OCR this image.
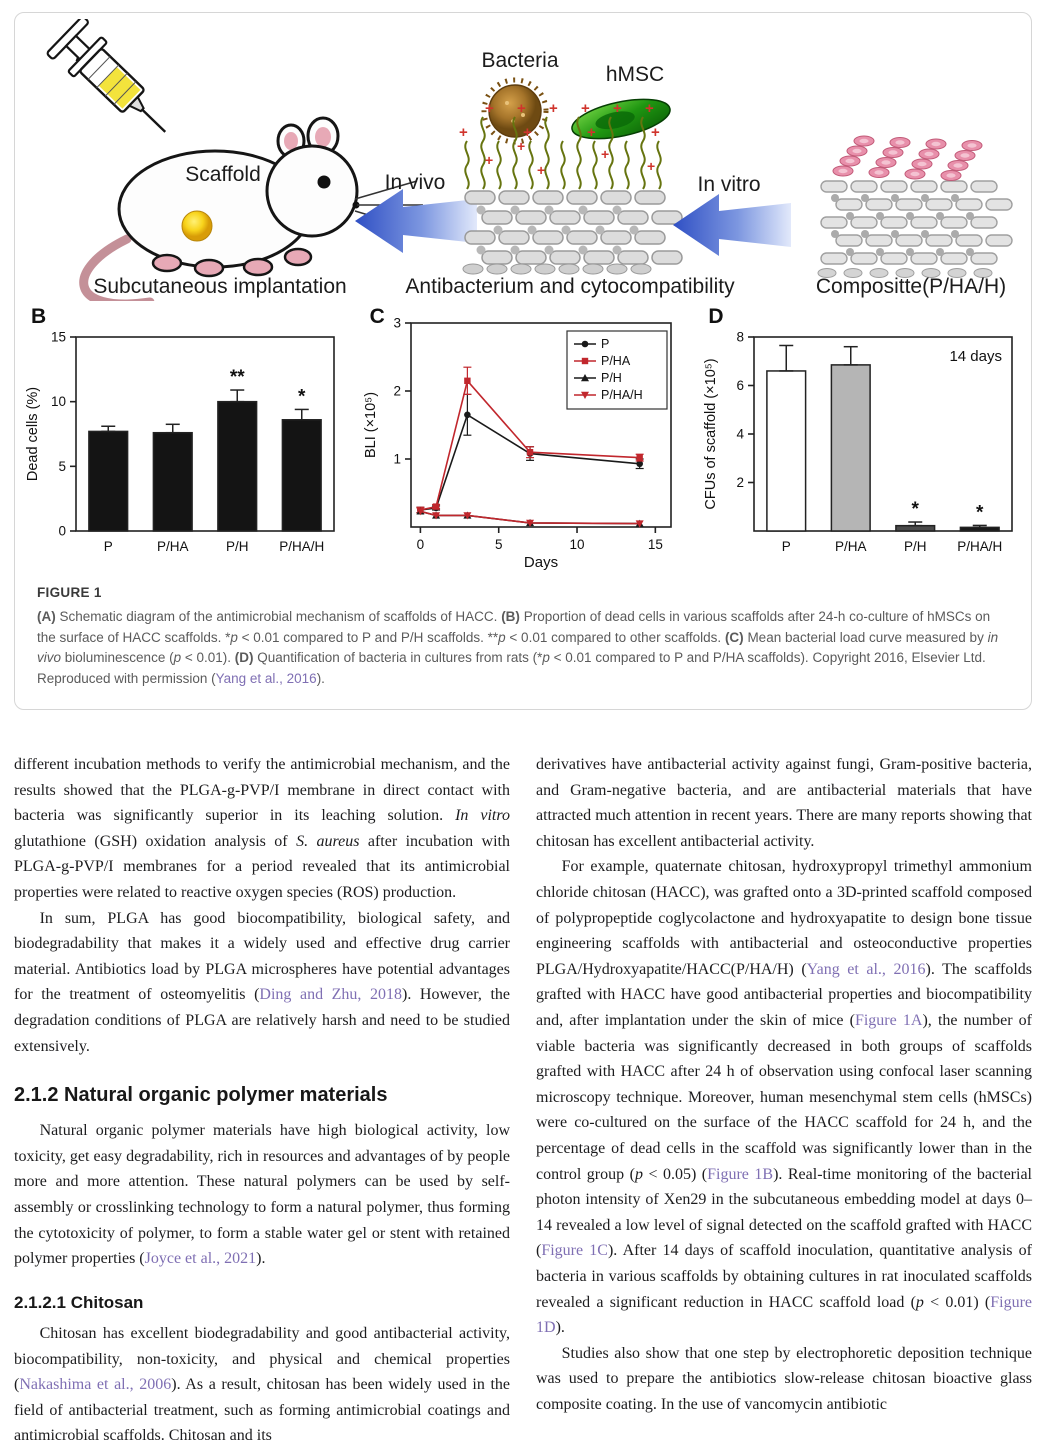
Scaffold
Subcutaneous implantation
In vivo
Bacteria
hMSC
+
+ +
+
+ +
+
+ +
+
+
+
+
+
+
Antibacterium and cytocompatibility
In vitro
Compositte(P/HA/H)
B
0
5
10
15
P	P/HA
**
P/H
*
P/HA/H
Dead cells (%)
C
0	5	10	15
1
2
3
P
P/HA
P/H
P/HA/H
Days
BLI (×10⁵)
D
2
4
6
8
P	P/HA
*
P/H
*
P/HA/H
14 days
CFUs of scaffold (×10⁵)
FIGURE 1

(A) Schematic diagram of the antimicrobial mechanism of scaffolds of HACC. (B) Proportion of dead cells in various scaffolds after 24-h co-culture of hMSCs on the surface of HACC scaffolds. *p < 0.01 compared to P and P/H scaffolds. **p < 0.01 compared to other scaffolds. (C) Mean bacterial load curve measured by in vivo bioluminescence (p < 0.01). (D) Quantification of bacteria in cultures from rats (*p < 0.01 compared to P and P/HA scaffolds). Copyright 2016, Elsevier Ltd. Reproduced with permission (Yang et al., 2016).

different incubation methods to verify the antimicrobial mechanism, and the results showed that the PLGA-g-PVP/I membrane in direct contact with bacteria was significantly superior in its leaching solution. In vitro glutathione (GSH) oxidation analysis of S. aureus after incubation with PLGA-g-PVP/I membranes for a period revealed that its antimicrobial properties were related to reactive oxygen species (ROS) production.

In sum, PLGA has good biocompatibility, biological safety, and biodegradability that makes it a widely used and effective drug carrier material. Antibiotics load by PLGA microspheres have potential advantages for the treatment of osteomyelitis (Ding and Zhu, 2018). However, the degradation conditions of PLGA are relatively harsh and need to be studied extensively.

2.1.2 Natural organic polymer materials

Natural organic polymer materials have high biological activity, low toxicity, get easy degradability, rich in resources and advantages of by people more and more attention. These natural polymers can be used by self-assembly or crosslinking technology to form a natural polymer, thus forming the cytotoxicity of polymer, to form a stable water gel or stent with retained polymer properties (Joyce et al., 2021).

2.1.2.1 Chitosan

Chitosan has excellent biodegradability and good antibacterial activity, biocompatibility, non-toxicity, and physical and chemical properties (Nakashima et al., 2006). As a result, chitosan has been widely used in the field of antibacterial treatment, such as forming antimicrobial coatings and antimicrobial scaffolds. Chitosan and its

derivatives have antibacterial activity against fungi, Gram-positive bacteria, and Gram-negative bacteria, and are antibacterial materials that have attracted much attention in recent years. There are many reports showing that chitosan has excellent antibacterial activity.

For example, quaternate chitosan, hydroxypropyl trimethyl ammonium chloride chitosan (HACC), was grafted onto a 3D-printed scaffold composed of polypropeptide coglycolactone and hydroxyapatite to design bone tissue engineering scaffolds with antibacterial and osteoconductive properties PLGA/Hydroxyapatite/HACC(P/HA/H) (Yang et al., 2016). The scaffolds grafted with HACC have good antibacterial properties and biocompatibility and, after implantation under the skin of mice (Figure 1A), the number of viable bacteria was significantly decreased in both groups of scaffolds grafted with HACC after 24 h of observation using confocal laser scanning microscopy technique. Moreover, human mesenchymal stem cells (hMSCs) were co-cultured on the surface of the HACC scaffold for 24 h, and the percentage of dead cells in the scaffold was significantly lower than in the control group (p < 0.05) (Figure 1B). Real-time monitoring of the bacterial photon intensity of Xen29 in the subcutaneous embedding model at days 0–14 revealed a low level of signal detected on the scaffold grafted with HACC (Figure 1C). After 14 days of scaffold inoculation, quantitative analysis of bacteria in various scaffolds by obtaining cultures in rat inoculated scaffolds revealed a significant reduction in HACC scaffold load (p < 0.01) (Figure 1D).

Studies also show that one step by electrophoretic deposition technique was used to prepare the antibiotics slow-release chitosan bioactive glass composite coating. In the use of vancomycin antibiotic
